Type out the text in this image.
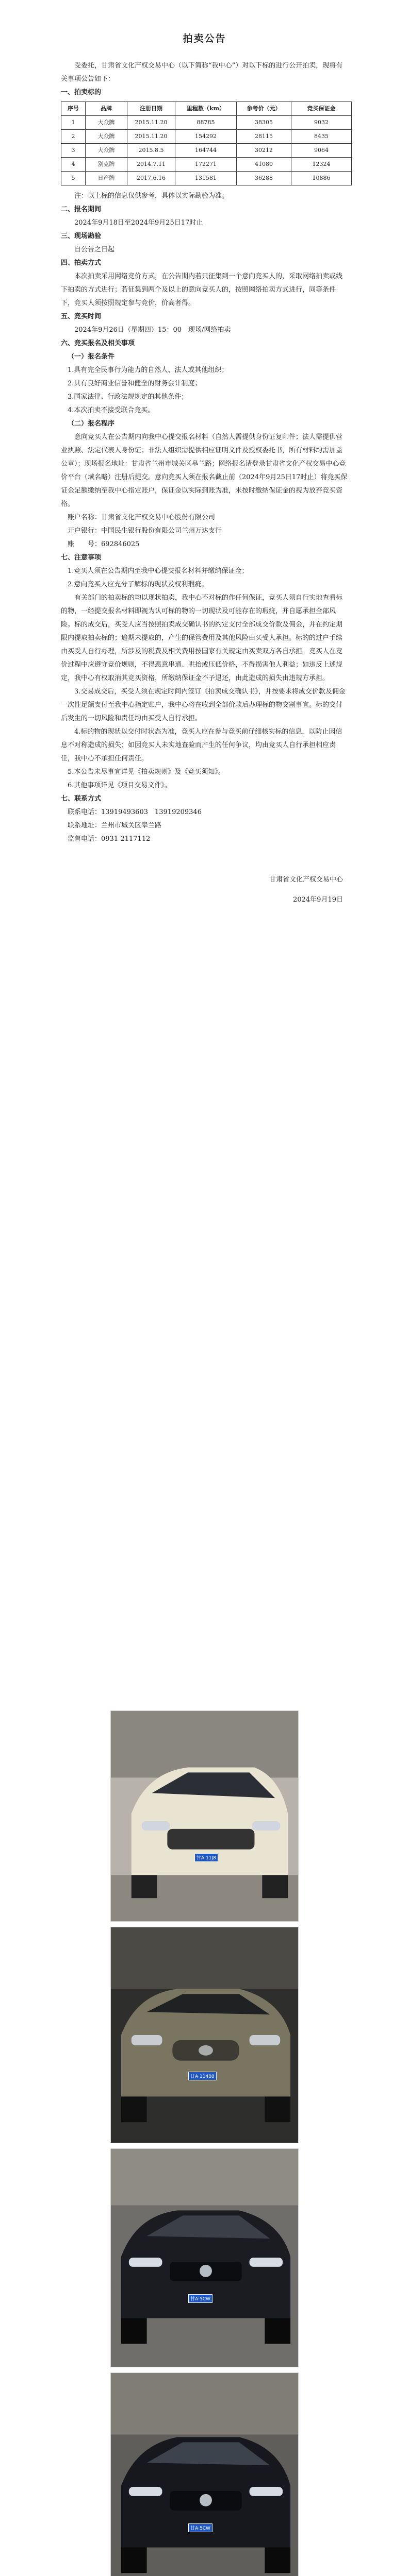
拍卖公告

受委托，甘肃省文化产权交易中心（以下简称“我中心”）对以下标的进行公开拍卖，现将有关事项公告如下：

一、拍卖标的

序号	品牌	注册日期	里程数（km）	参考价（元）	竞买保证金
1	大众牌	2015.11.20	88785	38305	9032
2	大众牌	2015.11.20	154292	28115	8435
3	大众牌	2015.8.5	164744	30212	9064
4	别克牌	2014.7.11	172271	41080	12324
5	日产牌	2017.6.16	131581	36288	10886

注：以上标的信息仅供参考，具体以实际勘验为准。

二、报名期间

2024年9月18日至2024年9月25日17时止

三、现场勘验

自公告之日起

四、拍卖方式

本次拍卖采用网络竞价方式，在公告期内若只征集到一个意向竞买人的，采取网络拍卖或线下拍卖的方式进行；若征集到两个及以上的意向竞买人的，按照网络拍卖方式进行，同等条件下，竞买人须按照规定参与竞价，价高者得。

五、竞买时间

2024年9月26日（星期四）15：00　现场/网络拍卖

六、竞买报名及相关事项

（一）报名条件

1.具有完全民事行为能力的自然人、法人或其他组织；

2.具有良好商业信誉和健全的财务会计制度；

3.国家法律、行政法规规定的其他条件；

4.本次拍卖不接受联合竞买。

（二）报名程序

意向竞买人在公告期内向我中心提交报名材料（自然人需提供身份证复印件；法人需提供营业执照、法定代表人身份证；非法人组织需提供相应证明文件及授权委托书，所有材料均需加盖公章）；现场报名地址：甘肃省兰州市城关区皋兰路；网络报名请登录甘肃省文化产权交易中心竞价平台（域名略）注册后提交。意向竞买人须在报名截止前（2024年9月25日17时止）将竞买保证金足额缴纳至我中心指定账户，保证金以实际到账为准，未按时缴纳保证金的视为放弃竞买资格。

账户名称：甘肃省文化产权交易中心股份有限公司

开户银行：中国民生银行股份有限公司兰州万达支行

账　　号：692846025

七、注意事项

1.竞买人须在公告期内至我中心提交报名材料并缴纳保证金；

2.意向竞买人应充分了解标的现状及权利瑕疵。

有关部门的拍卖标的均以现状拍卖，我中心不对标的作任何保证，竞买人须自行实地查看标的物，一经提交报名材料即视为认可标的物的一切现状及可能存在的瑕疵，并自愿承担全部风险。标的成交后，买受人应当按照拍卖成交确认书的约定支付全部成交价款及佣金，并在约定期限内提取拍卖标的；逾期未提取的，产生的保管费用及其他风险由买受人承担。标的的过户手续由买受人自行办理，所涉及的税费及相关费用按国家有关规定由买卖双方各自承担。竞买人在竞价过程中应遵守竞价规则，不得恶意串通、哄抬或压低价格，不得损害他人利益；如违反上述规定，我中心有权取消其竞买资格，所缴纳保证金不予退还，由此造成的损失由违规方承担。

3.交易成交后，买受人须在规定时间内签订《拍卖成交确认书》，并按要求将成交价款及佣金一次性足额支付至我中心指定账户，我中心将在收到全部价款后办理标的物交割事宜。标的交付后发生的一切风险和责任均由买受人自行承担。

4.标的物的现状以交付时状态为准，竞买人应在参与竞买前仔细核实标的信息，以防止因信息不对称造成的损失；如因竞买人未实地查验而产生的任何争议，均由竞买人自行承担相应责任，我中心不承担任何责任。

5.本公告未尽事宜详见《拍卖规则》及《竞买须知》。

6.其他事项详见《项目交易文件》。

七、联系方式

联系电话：13919493603　13919209346

联系地址：兰州市城关区皋兰路

监督电话：0931-2117112

甘肃省文化产权交易中心

2024年9月19日

甘A·11J8
甘A·11488
甘A·5CW
甘A·5CW
